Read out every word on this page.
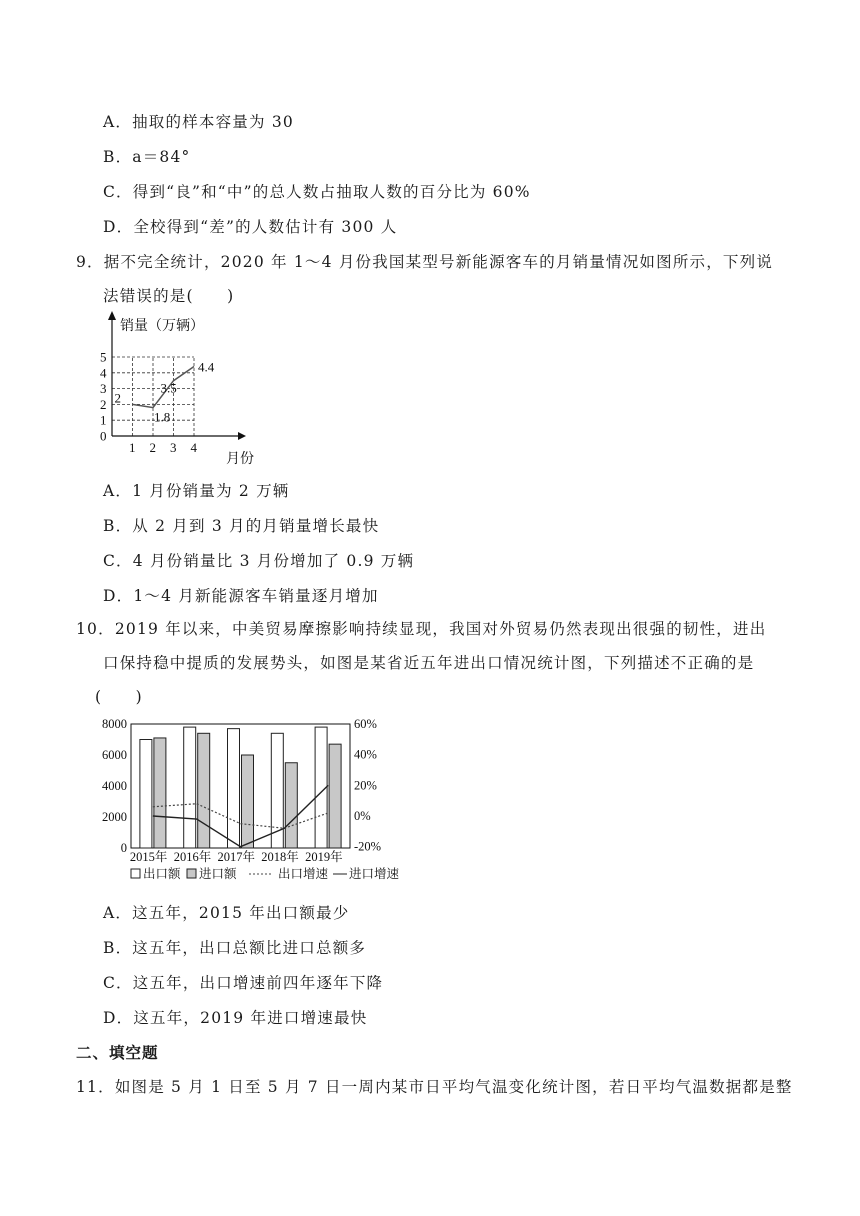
A．抽取的样本容量为 30
B．a＝84°
C．得到“良”和“中”的总人数占抽取人数的百分比为 60%
D．全校得到“差”的人数估计有 300 人
9．据不完全统计，2020 年 1～4 月份我国某型号新能源客车的月销量情况如图所示，下列说
法错误的是(　　)
0
1
2
3
4
5
1 2 3 4
2
1.8
3.5
4.4
销量（万辆）
月份
A．1 月份销量为 2 万辆
B．从 2 月到 3 月的月销量增长最快
C．4 月份销量比 3 月份增加了 0.9 万辆
D．1～4 月新能源客车销量逐月增加
10．2019 年以来，中美贸易摩擦影响持续显现，我国对外贸易仍然表现出很强的韧性，进出
口保持稳中提质的发展势头，如图是某省近五年进出口情况统计图，下列描述不正确的是
(　　)
2015年 2016年 2017年 2018年 2019年
0
2000
4000
6000
8000
-20%
0%
20%
40%
60%
出口额 进口额	出口增速 进口增速
A．这五年，2015 年出口额最少
B．这五年，出口总额比进口总额多
C．这五年，出口增速前四年逐年下降
D．这五年，2019 年进口增速最快
二、填空题
11．如图是 5 月 1 日至 5 月 7 日一周内某市日平均气温变化统计图，若日平均气温数据都是整
